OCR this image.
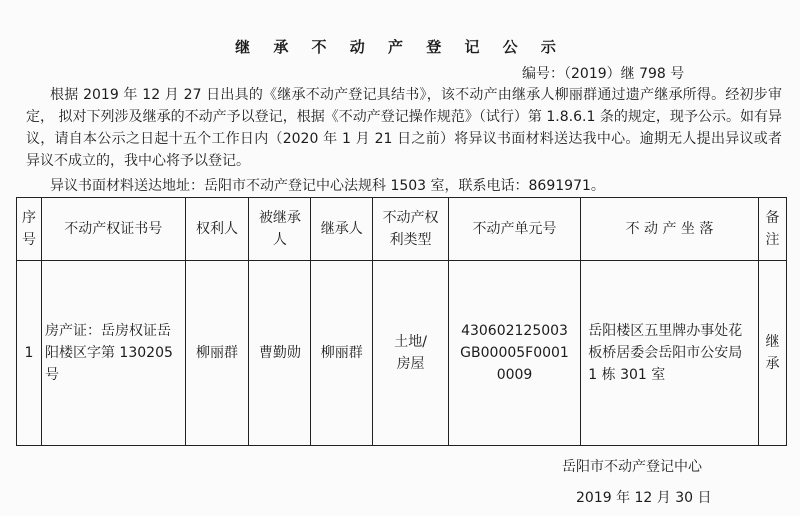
继 承 不 动 产 登 记 公 示
编号：（2019）继 798 号
根据 2019 年 12 月 27 日出具的《继承不动产登记具结书》，该不动产由继承人柳丽群通过遗产继承所得。经初步审定， 拟对下列涉及继承的不动产予以登记，根据《不动产登记操作规范》（试行）第 1.8.6.1 条的规定，现予公示。如有异议，请自本公示之日起十五个工作日内（2020 年 1 月 21 日之前）将异议书面材料送达我中心。逾期无人提出异议或者异议不成立的，我中心将予以登记。
异议书面材料送达地址：岳阳市不动产登记中心法规科 1503 室，联系电话：8691971。
序号	不动产权证书号	权利人	被继承人	继承人	不动产权利类型	不动产单元号	不 动 产 坐 落	备注
1	房产证：岳房权证岳阳楼区字第 130205 号	柳丽群	曹勤勋	柳丽群	土地/房屋	430602125003GB00005F00010009	岳阳楼区五里牌办事处花板桥居委会岳阳市公安局 1 栋 301 室	继承
岳阳市不动产登记中心
2019 年 12 月 30 日
